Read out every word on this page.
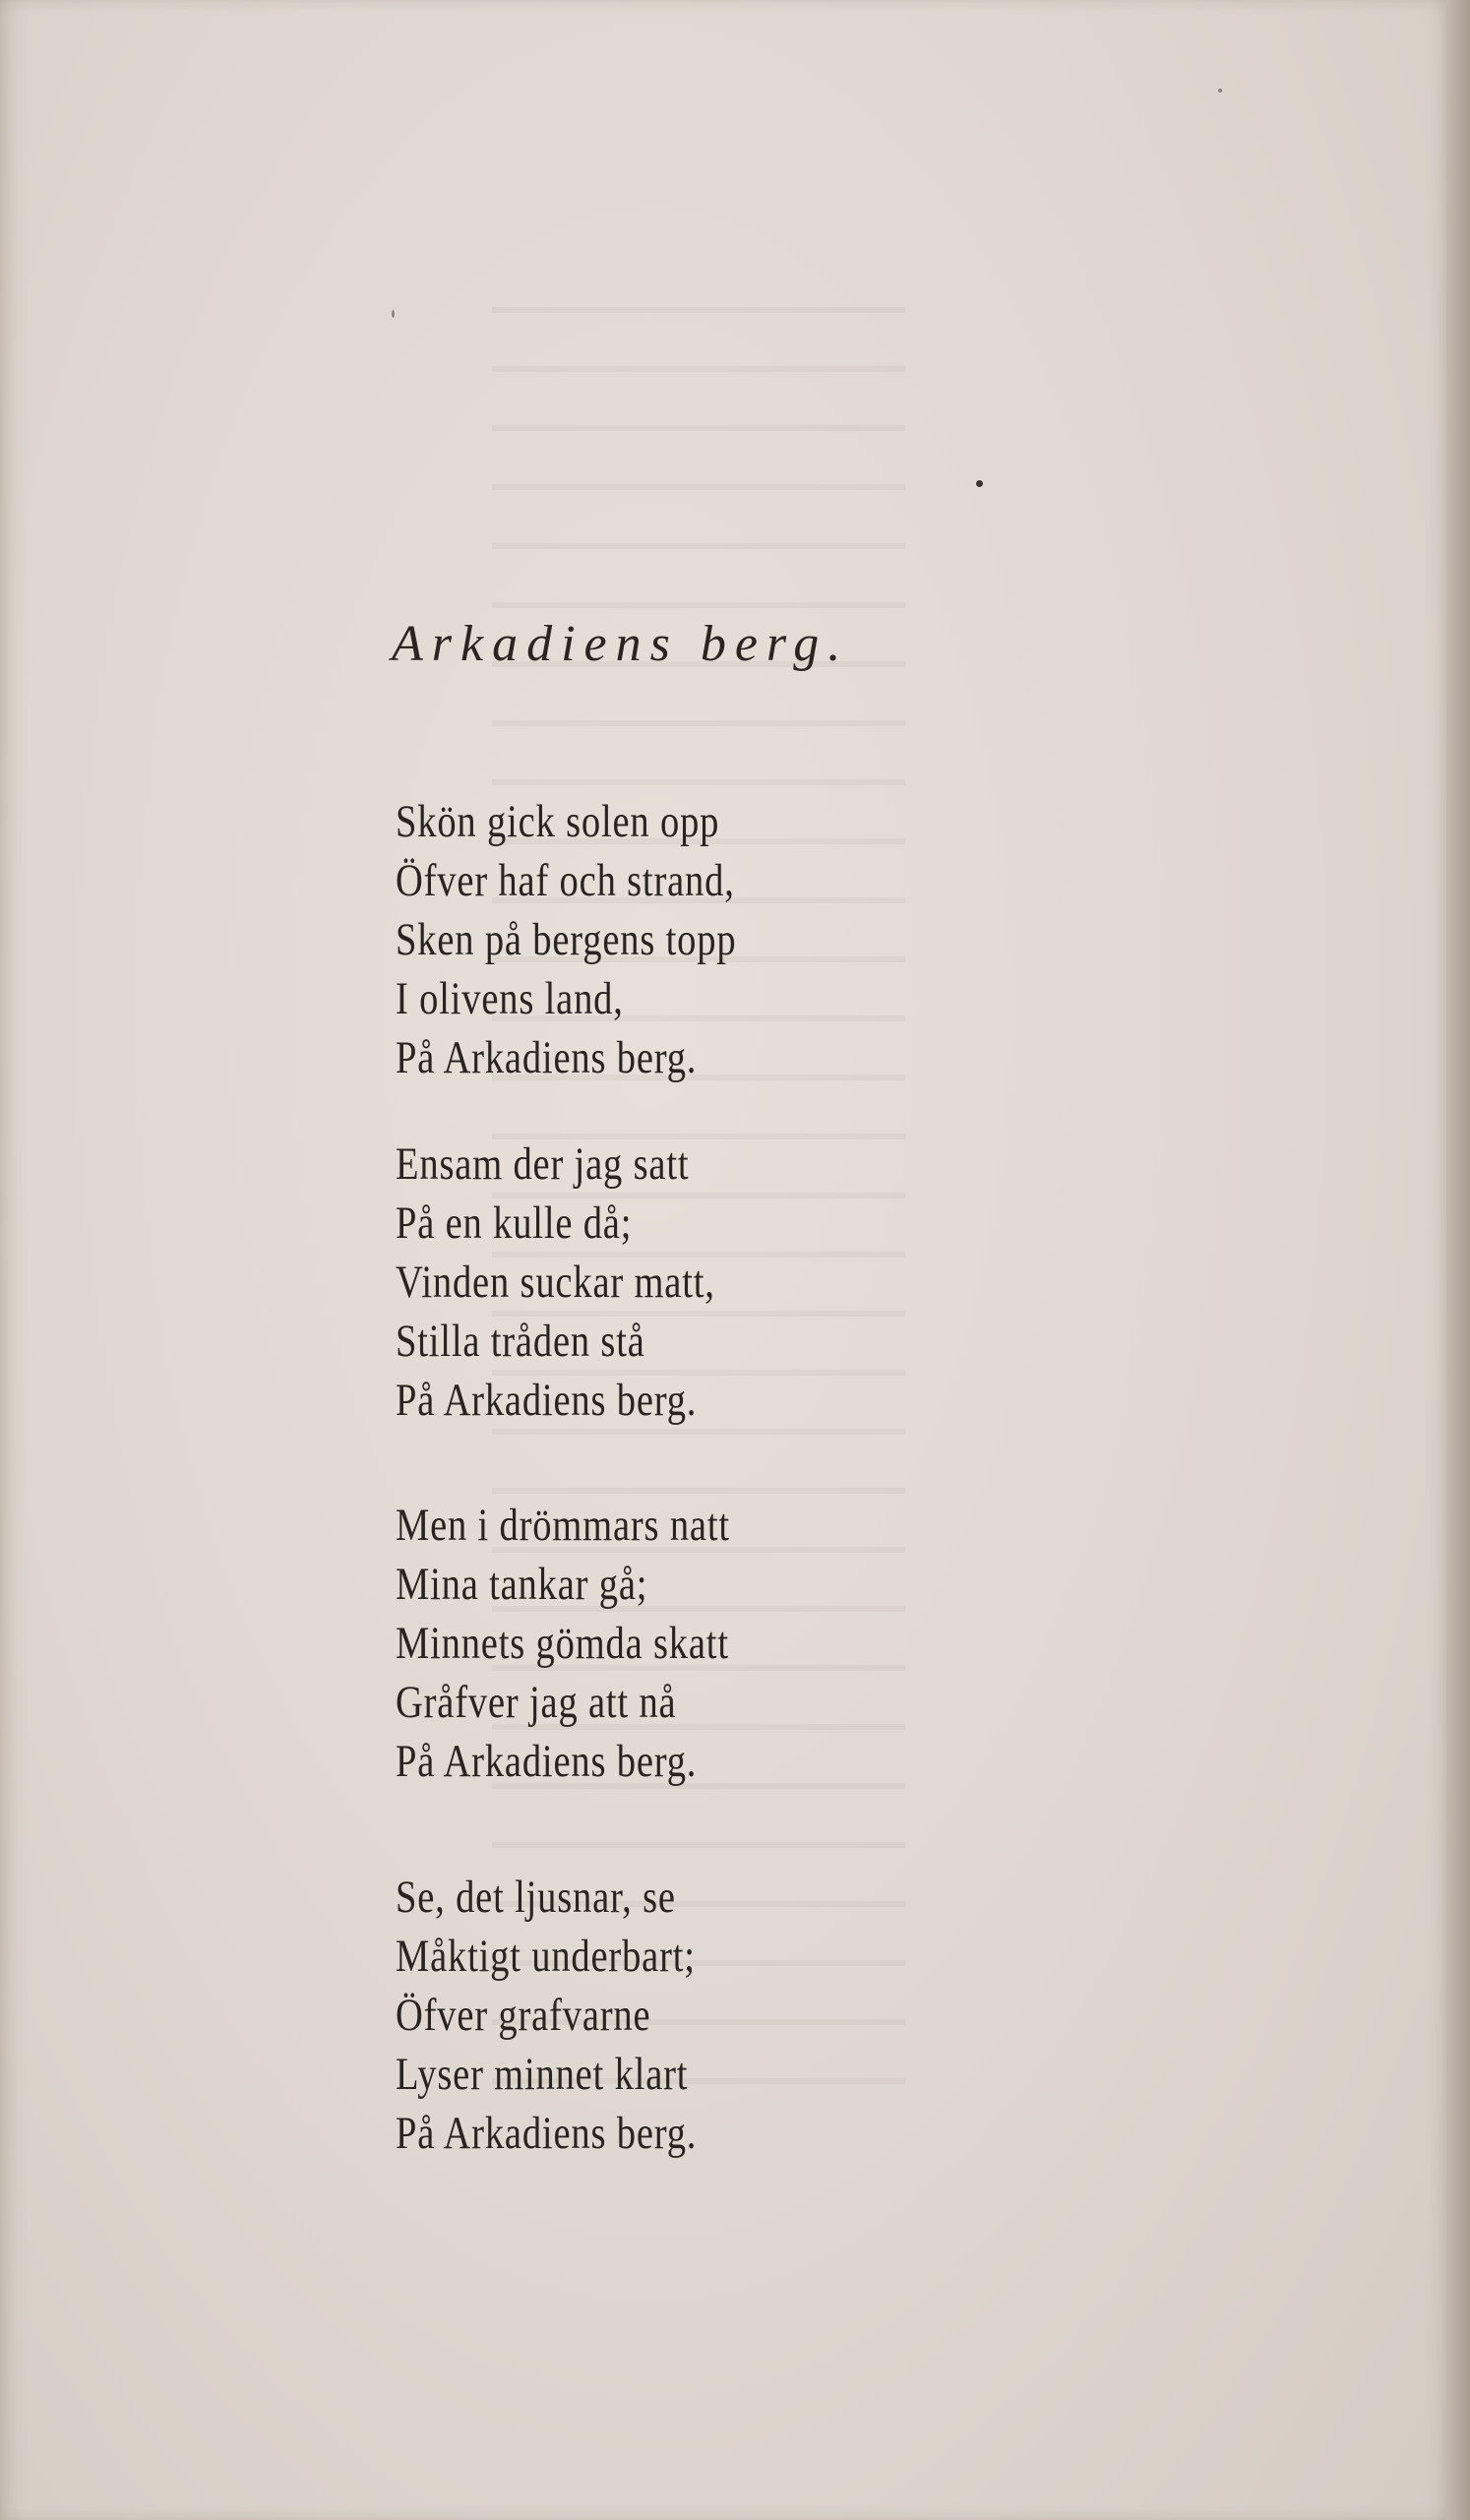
Arkadiens berg.
Skön gick solen opp
Öfver haf och strand,
Sken på bergens topp
I olivens land,
På Arkadiens berg.
Ensam der jag satt
På en kulle då;
Vinden suckar matt,
Stilla tråden stå
På Arkadiens berg.
Men i drömmars natt
Mina tankar gå;
Minnets gömda skatt
Gråfver jag att nå
På Arkadiens berg.
Se, det ljusnar, se
Måktigt underbart;
Öfver grafvarne
Lyser minnet klart
På Arkadiens berg.
